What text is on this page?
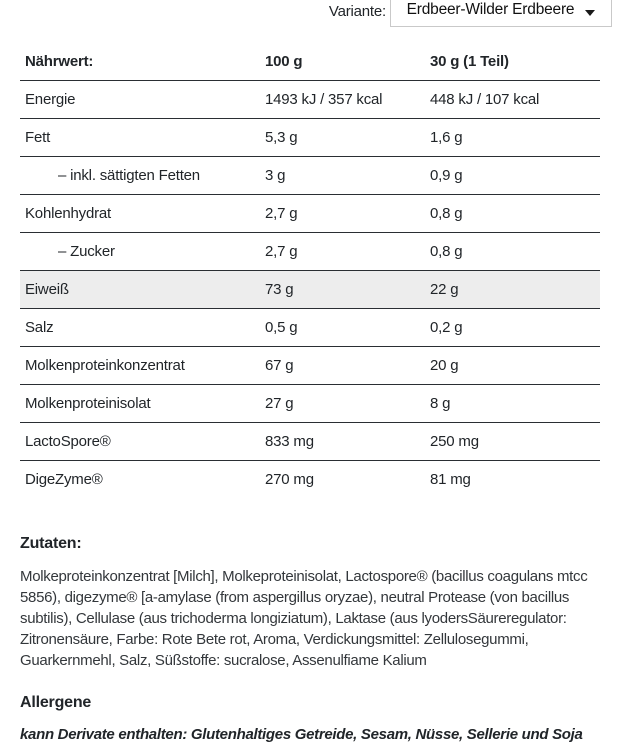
Variante: Erdbeer-Wilder Erdbeere
Nährwert:	100 g	30 g (1 Teil)
Energie	1493 kJ / 357 kcal	448 kJ / 107 kcal
Fett	5,3 g	1,6 g
– inkl. sättigten Fetten	3 g	0,9 g
Kohlenhydrat	2,7 g	0,8 g
– Zucker	2,7 g	0,8 g
Eiweiß	73 g	22 g
Salz	0,5 g	0,2 g
Molkenproteinkonzentrat	67 g	20 g
Molkenproteinisolat	27 g	8 g
LactoSpore®	833 mg	250 mg
DigeZyme®	270 mg	81 mg
Zutaten:

Molkeproteinkonzentrat [Milch], Molkeproteinisolat, Lactospore® (bacillus coagulans mtcc 5856), digezyme® [a-amylase (from aspergillus oryzae), neutral Protease (von bacillus subtilis), Cellulase (aus trichoderma longiziatum), Laktase (aus lyodersSäureregulator: Zitronensäure, Farbe: Rote Bete rot, Aroma, Verdickungsmittel: Zellulosegummi, Guarkernmehl, Salz, Süßstoffe: sucralose, Assenulfiame Kalium

Allergene

kann Derivate enthalten: Glutenhaltiges Getreide, Sesam, Nüsse, Sellerie und Soja
